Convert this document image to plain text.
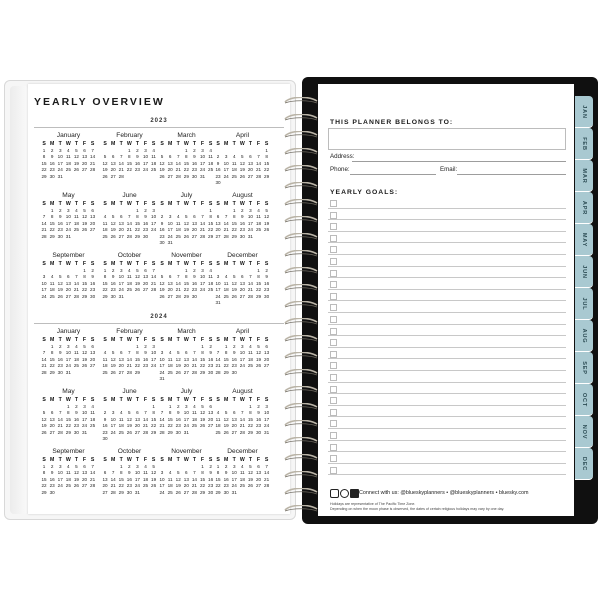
YEARLY OVERVIEW
2023
January
S M T W T F S
1 2 3 4 5 6 7
8 9 10 11 12 13 14
15 16 17 18 19 20 21
22 23 24 25 26 27 28
29 30 31
February
S M T W T F S
1 2 3 4
5 6 7 8 9 10 11
12 13 14 15 16 17 18
19 20 21 22 23 24 25
26 27 28
March
S M T W T F S
1 2 3 4
5 6 7 8 9 10 11
12 13 14 15 16 17 18
19 20 21 22 23 24 25
26 27 28 29 30 31
April
S M T W T F S
1
2 3 4 5 6 7 8
9 10 11 12 13 14 15
16 17 18 19 20 21 22
23 24 25 26 27 28 29
30
May
S M T W T F S
1 2 3 4 5 6
7 8 9 10 11 12 13
14 15 16 17 18 19 20
21 22 23 24 25 26 27
28 29 30 31
June
S M T W T F S
1 2 3
4 5 6 7 8 9 10
11 12 13 14 15 16 17
18 19 20 21 22 23 24
25 26 27 28 29 30
July
S M T W T F S
1
2 3 4 5 6 7 8
9 10 11 12 13 14 15
16 17 18 19 20 21 22
23 24 25 26 27 28 29
30 31
August
S M T W T F S
1 2 3 4 5
6 7 8 9 10 11 12
13 14 15 16 17 18 19
20 21 22 23 24 25 26
27 28 29 30 31
September
S M T W T F S
1 2
3 4 5 6 7 8 9
10 11 12 13 14 15 16
17 18 19 20 21 22 23
24 25 26 27 28 29 30
October
S M T W T F S
1 2 3 4 5 6 7
8 9 10 11 12 13 14
15 16 17 18 19 20 21
22 23 24 25 26 27 28
29 30 31
November
S M T W T F S
1 2 3 4
5 6 7 8 9 10 11
12 13 14 15 16 17 18
19 20 21 22 23 24 25
26 27 28 29 30
December
S M T W T F S
1 2
3 4 5 6 7 8 9
10 11 12 13 14 15 16
17 18 19 20 21 22 23
24 25 26 27 28 29 30
31
2024
January
S M T W T F S
1 2 3 4 5 6
7 8 9 10 11 12 13
14 15 16 17 18 19 20
21 22 23 24 25 26 27
28 29 30 31
February
S M T W T F S
1 2 3
4 5 6 7 8 9 10
11 12 13 14 15 16 17
18 19 20 21 22 23 24
25 26 27 28 29
March
S M T W T F S
1 2
3 4 5 6 7 8 9
10 11 12 13 14 15 16
17 18 19 20 21 22 23
24 25 26 27 28 29 30
31
April
S M T W T F S
1 2 3 4 5 6
7 8 9 10 11 12 13
14 15 16 17 18 19 20
21 22 23 24 25 26 27
28 29 30
May
S M T W T F S
1 2 3 4
5 6 7 8 9 10 11
12 13 14 15 16 17 18
19 20 21 22 23 24 25
26 27 28 29 30 31
June
S M T W T F S
1
2 3 4 5 6 7 8
9 10 11 12 13 14 15
16 17 18 19 20 21 22
23 24 25 26 27 28 29
30
July
S M T W T F S
1 2 3 4 5 6
7 8 9 10 11 12 13
14 15 16 17 18 19 20
21 22 23 24 25 26 27
28 29 30 31
August
S M T W T F S
1 2 3
4 5 6 7 8 9 10
11 12 13 14 15 16 17
18 19 20 21 22 23 24
25 26 27 28 29 30 31
September
S M T W T F S
1 2 3 4 5 6 7
8 9 10 11 12 13 14
15 16 17 18 19 20 21
22 23 24 25 26 27 28
29 30
October
S M T W T F S
1 2 3 4 5
6 7 8 9 10 11 12
13 14 15 16 17 18 19
20 21 22 23 24 25 26
27 28 29 30 31
November
S M T W T F S
1 2
3 4 5 6 7 8 9
10 11 12 13 14 15 16
17 18 19 20 21 22 23
24 25 26 27 28 29 30
December
S M T W T F S
1 2 3 4 5 6 7
8 9 10 11 12 13 14
15 16 17 18 19 20 21
22 23 24 25 26 27 28
29 30 31
JAN
FEB
MAR
APR
MAY
JUN
JUL
AUG
SEP
OCT
NOV
DEC
THIS PLANNER BELONGS TO:
Address:
Phone:	Email:
YEARLY GOALS:
Connect with us: @blueskyplanners • @blueskyplanners • bluesky.com
Holidays are representative of The Pacific Time Zone.
Depending on when the moon phase is observed, the dates of certain religious holidays may vary by one day.
